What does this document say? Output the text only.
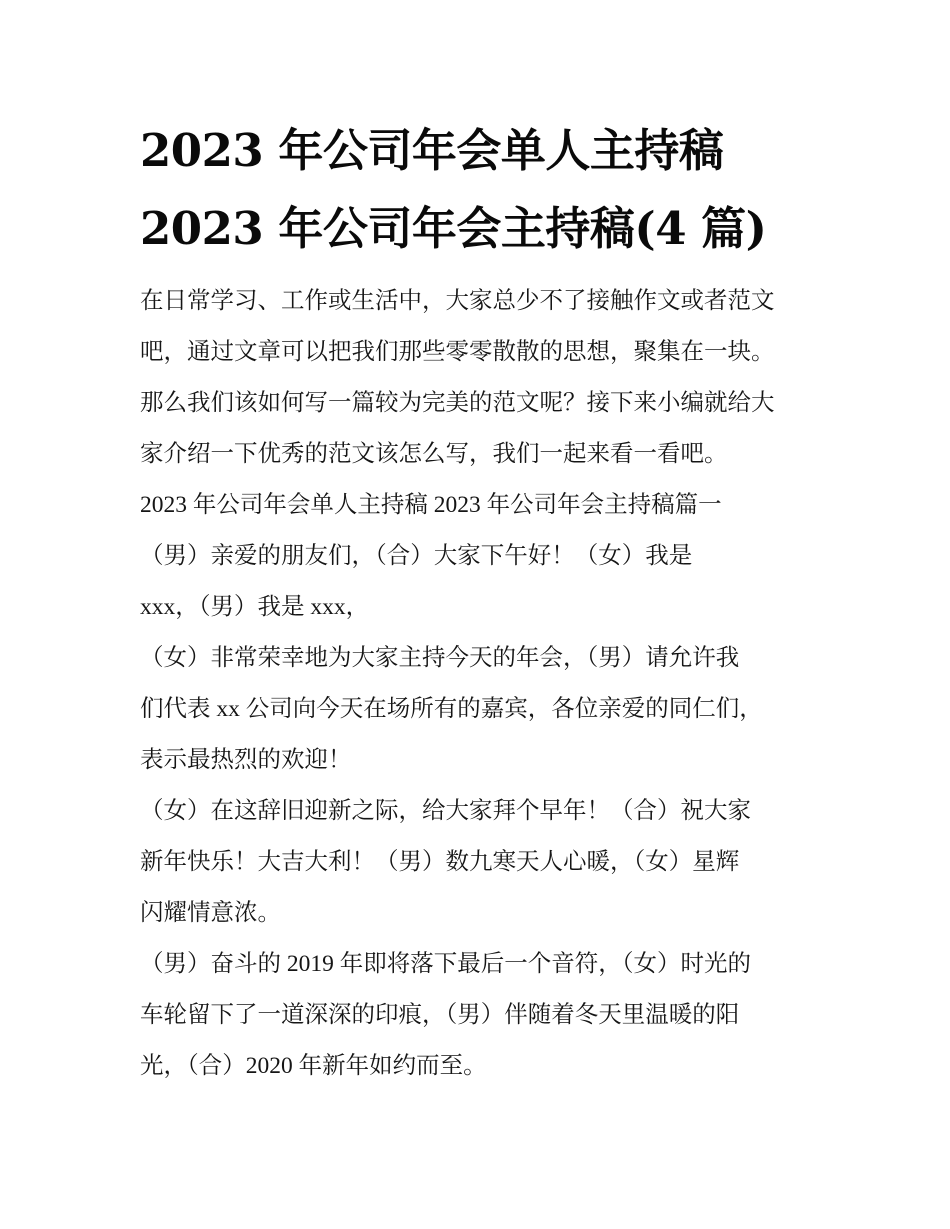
2023 年公司年会单人主持稿
2023 年公司年会主持稿(4 篇)
在日常学习、工作或生活中，大家总少不了接触作文或者范文
吧，通过文章可以把我们那些零零散散的思想，聚集在一块。
那么我们该如何写一篇较为完美的范文呢？接下来小编就给大
家介绍一下优秀的范文该怎么写，我们一起来看一看吧。
2023 年公司年会单人主持稿 2023 年公司年会主持稿篇一
（男）亲爱的朋友们，（合）大家下午好！（女）我是
xxx，（男）我是 xxx，
（女）非常荣幸地为大家主持今天的年会，（男）请允许我
们代表 xx 公司向今天在场所有的嘉宾，各位亲爱的同仁们，
表示最热烈的欢迎！
（女）在这辞旧迎新之际，给大家拜个早年！（合）祝大家
新年快乐！大吉大利！（男）数九寒天人心暖，（女）星辉
闪耀情意浓。
（男）奋斗的 2019 年即将落下最后一个音符，（女）时光的
车轮留下了一道深深的印痕，（男）伴随着冬天里温暖的阳
光，（合）2020 年新年如约而至。
